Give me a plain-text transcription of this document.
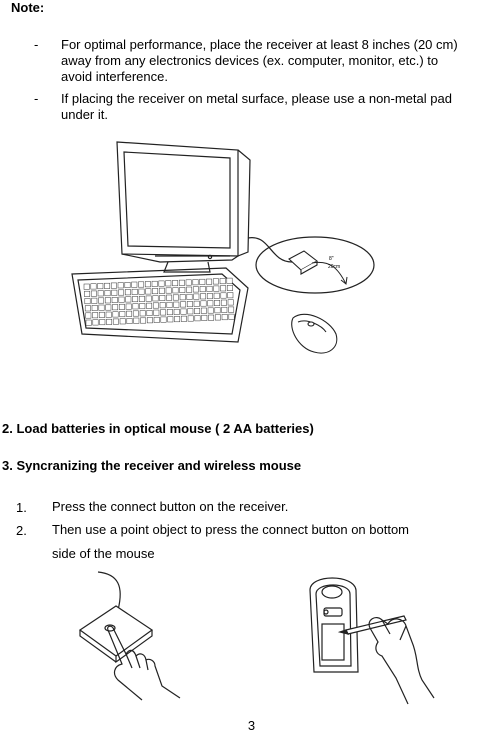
Note:
- For optimal performance, place the receiver at least 8 inches (20 cm)
away from any electronics devices (ex. computer, monitor, etc.) to
avoid interference.
- If placing the receiver on metal surface, please use a non-metal pad
under it.
8"
20cm
2. Load batteries in optical mouse ( 2 AA batteries)
3. Syncranizing the receiver and wireless mouse
1. Press the connect button on the receiver.
2. Then use a point object to press the connect button on bottom
side of the mouse
3
